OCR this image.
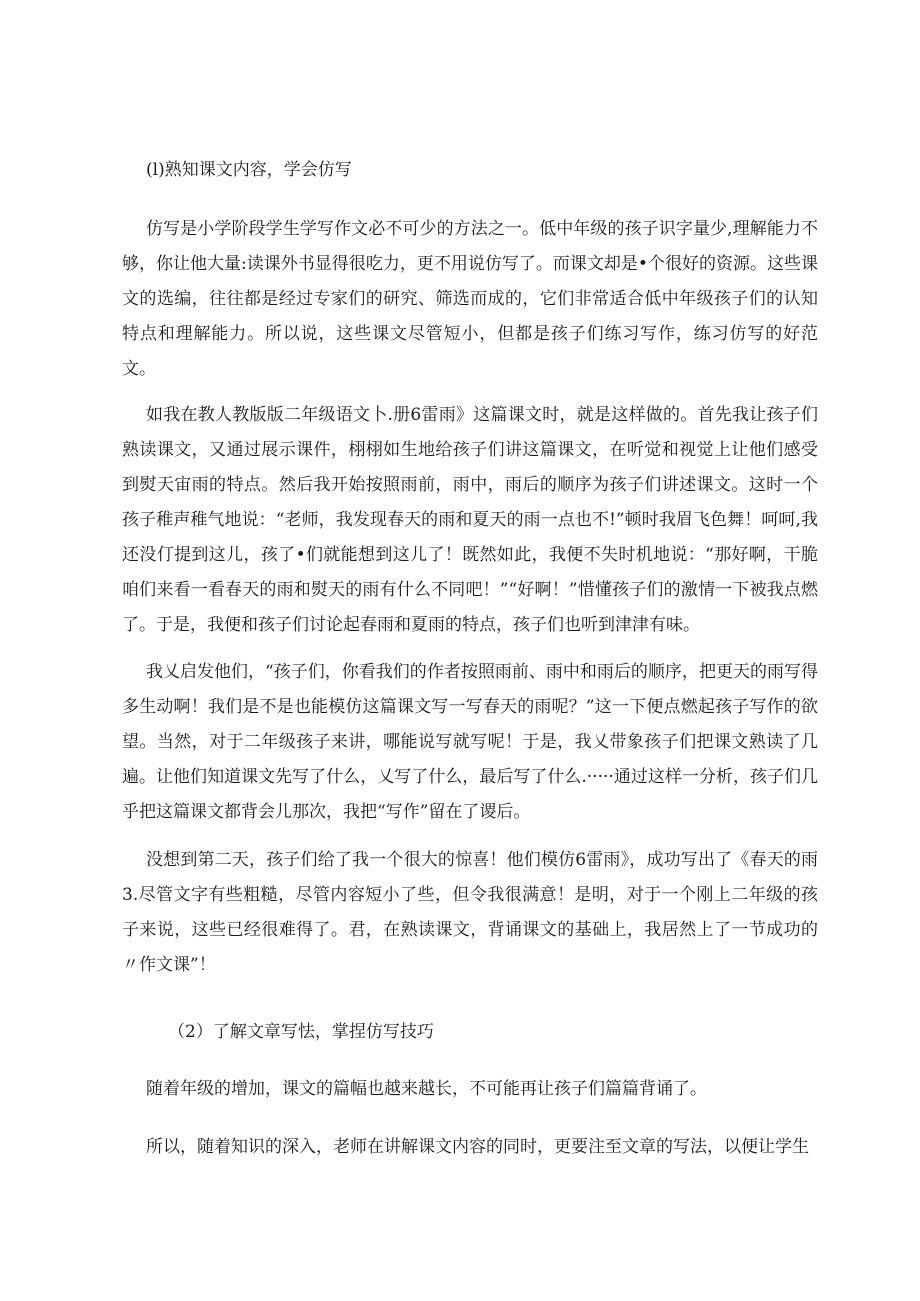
(l)熟知课文内容，学会仿写

仿写是小学阶段学生学写作文必不可少的方法之一。低中年级的孩子识字量少,理解能力不够，你让他大量:读课外书显得很吃力，更不用说仿写了。而课文却是•个很好的资源。这些课文的选编，往往都是经过专家们的研究、筛选而成的，它们非常适合低中年级孩子们的认知特点和理解能力。所以说，这些课文尽管短小，但都是孩子们练习写作，练习仿写的好范文。

如我在教人教版版二年级语文卜.册6雷雨》这篇课文时，就是这样做的。首先我让孩子们熟读课文，又通过展示课件，栩栩如生地给孩子们讲这篇课文，在听觉和视觉上让他们感受到熨天宙雨的特点。然后我开始按照雨前，雨中，雨后的顺序为孩子们讲述课文。这时一个孩子稚声稚气地说：“老师，我发现春天的雨和夏天的雨一点也不!”顿时我眉飞色舞！呵呵,我还没仃提到这儿，孩了•们就能想到这儿了！既然如此，我便不失时机地说：“那好啊，干脆咱们来看一看春天的雨和熨天的雨有什么不同吧！”“好啊！”惜懂孩子们的激情一下被我点燃了。于是，我便和孩子们讨论起春雨和夏雨的特点，孩子们也听到津津有味。

我乂启发他们，“孩子们，你看我们的作者按照雨前、雨中和雨后的顺序，把更天的雨写得多生动啊！我们是不是也能模仿这篇课文写一写春天的雨呢？”这一下便点燃起孩子写作的欲望。当然，对于二年级孩子来讲，哪能说写就写呢！于是，我乂带象孩子们把课文熟读了几遍。让他们知道课文先写了什么，乂写了什么，最后写了什么.·····通过这样一分析，孩子们几乎把这篇课文都背会儿那次，我把“写作”留在了谡后。

没想到第二天，孩子们给了我一个很大的惊喜！他们模仿6雷雨》，成功写出了《春天的雨3.尽管文字有些粗糙，尽管内容短小了些，但令我很满意！是明，对于一个刚上二年级的孩子来说，这些已经很难得了。君，在熟读课文，背诵课文的基础上，我居然上了一节成功的〃作文课”！

（2）了解文章写怯，掌捏仿写技巧

随着年级的增加，课文的篇幅也越来越长，不可能再让孩子们篇篇背诵了。

所以，随着知识的深入，老师在讲解课文内容的同时，更要注至文章的写法，以便让学生
